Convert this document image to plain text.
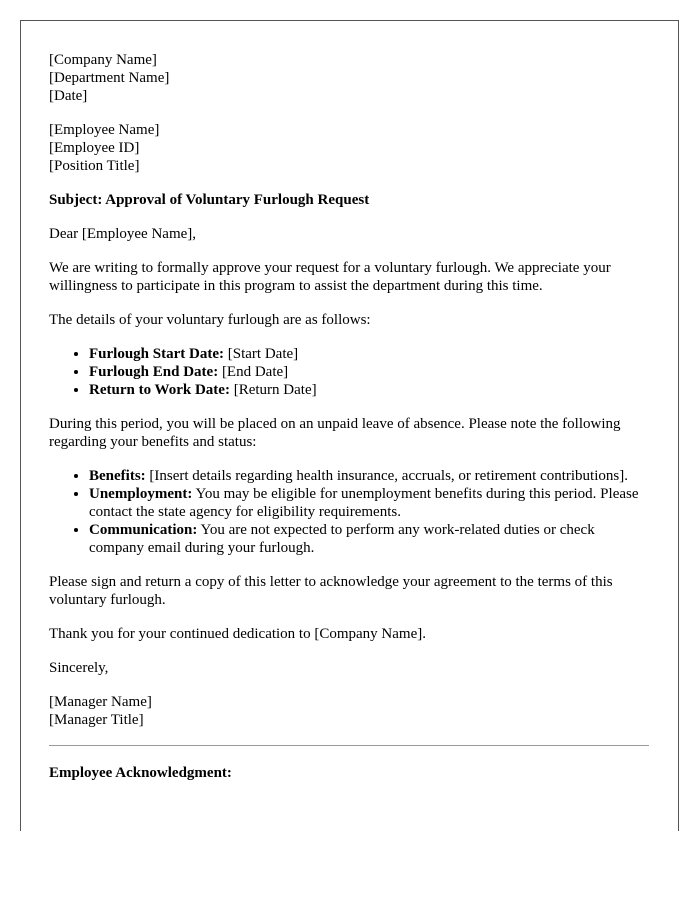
[Company Name]
[Department Name]
[Date]

[Employee Name]
[Employee ID]
[Position Title]

Subject: Approval of Voluntary Furlough Request

Dear [Employee Name],

We are writing to formally approve your request for a voluntary furlough. We appreciate your willingness to participate in this program to assist the department during this time.

The details of your voluntary furlough are as follows:

• Furlough Start Date: [Start Date]
• Furlough End Date: [End Date]
• Return to Work Date: [Return Date]

During this period, you will be placed on an unpaid leave of absence. Please note the following regarding your benefits and status:

• Benefits: [Insert details regarding health insurance, accruals, or retirement contributions].
• Unemployment: You may be eligible for unemployment benefits during this period. Please contact the state agency for eligibility requirements.
• Communication: You are not expected to perform any work-related duties or check company email during your furlough.

Please sign and return a copy of this letter to acknowledge your agreement to the terms of this voluntary furlough.

Thank you for your continued dedication to [Company Name].

Sincerely,

[Manager Name]
[Manager Title]

Employee Acknowledgment:
